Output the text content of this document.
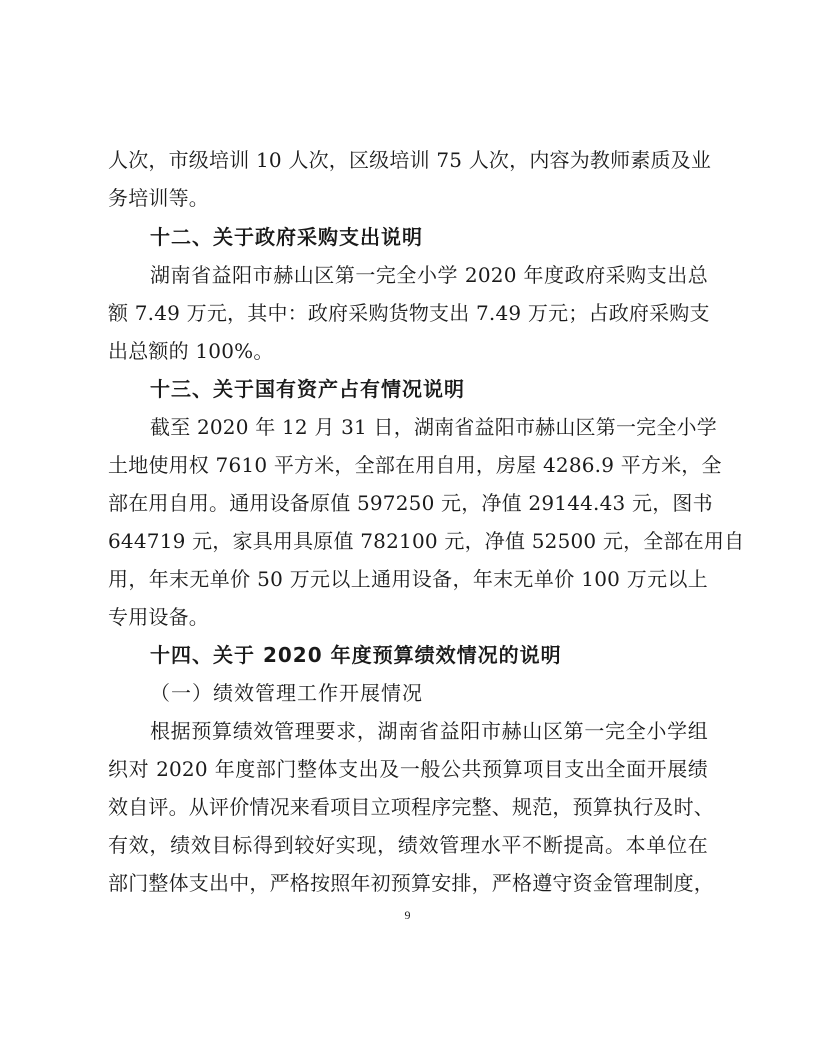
人次，市级培训 10 人次，区级培训 75 人次，内容为教师素质及业
务培训等。
十二、关于政府采购支出说明
湖南省益阳市赫山区第一完全小学 2020 年度政府采购支出总
额 7.49 万元，其中：政府采购货物支出 7.49 万元；占政府采购支
出总额的 100%。
十三、关于国有资产占有情况说明
截至 2020 年 12 月 31 日，湖南省益阳市赫山区第一完全小学
土地使用权 7610 平方米，全部在用自用，房屋 4286.9 平方米，全
部在用自用。通用设备原值 597250 元，净值 29144.43 元，图书
644719 元，家具用具原值 782100 元，净值 52500 元，全部在用自
用，年末无单价 50 万元以上通用设备，年末无单价 100 万元以上
专用设备。
十四、关于 2020 年度预算绩效情况的说明
（一）绩效管理工作开展情况
根据预算绩效管理要求，湖南省益阳市赫山区第一完全小学组
织对 2020 年度部门整体支出及一般公共预算项目支出全面开展绩
效自评。从评价情况来看项目立项程序完整、规范，预算执行及时、
有效，绩效目标得到较好实现，绩效管理水平不断提高。本单位在
部门整体支出中，严格按照年初预算安排，严格遵守资金管理制度，
9
